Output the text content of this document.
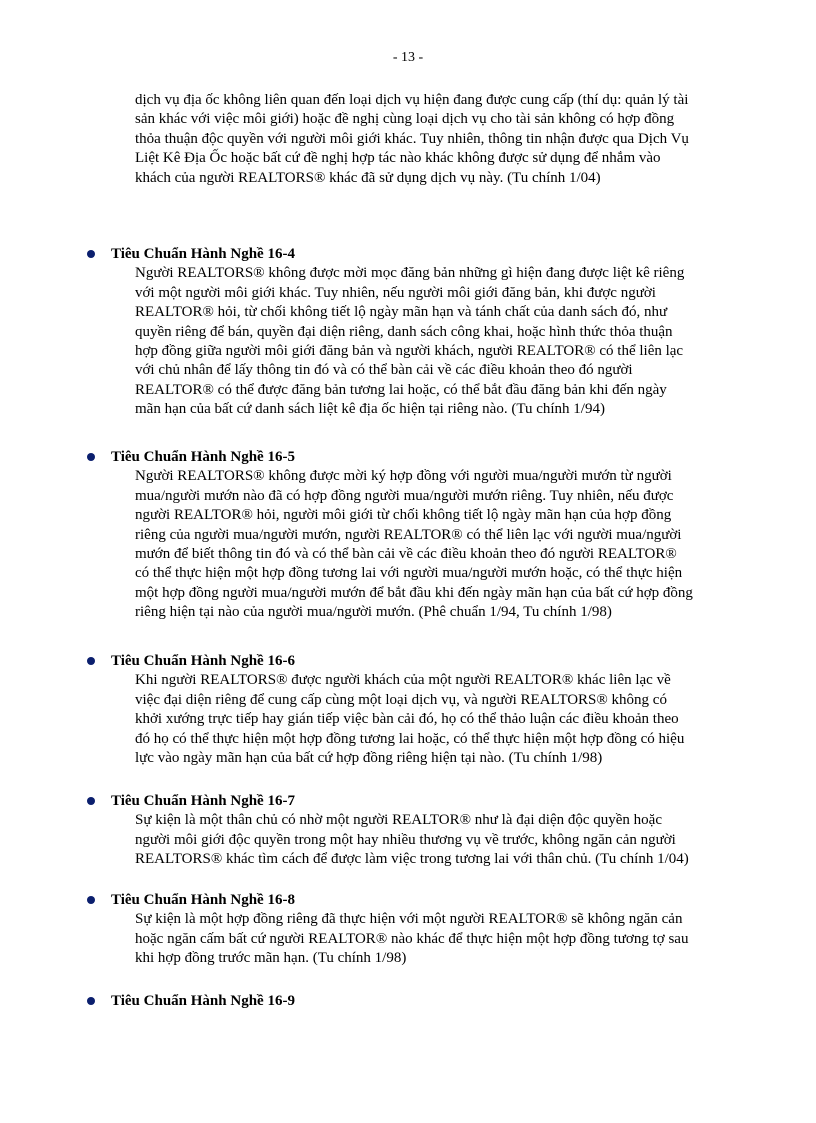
- 13 -

dịch vụ địa ốc không liên quan đến loại dịch vụ hiện đang được cung cấp (thí dụ: quản lý tài
sản khác với việc môi giới) hoặc đề nghị cùng loại dịch vụ cho tài sản không có hợp đồng
thỏa thuận độc quyền với người môi giới khác. Tuy nhiên, thông tin nhận được qua Dịch Vụ
Liệt Kê Địa Ốc hoặc bất cứ đề nghị hợp tác nào khác không được sử dụng để nhắm vào
khách của người REALTORS® khác đã sử dụng dịch vụ này. (Tu chính 1/04)

Tiêu Chuẩn Hành Nghề 16-4

Người REALTORS® không được mời mọc đăng bản những gì hiện đang được liệt kê riêng
với một người môi giới khác. Tuy nhiên, nếu người môi giới đăng bản, khi được người
REALTOR® hỏi, từ chối không tiết lộ ngày mãn hạn và tánh chất của danh sách đó, như
quyền riêng để bán, quyền đại diện riêng, danh sách công khai, hoặc hình thức thỏa thuận
hợp đồng giữa người môi giới đăng bản và người khách, người REALTOR® có thể liên lạc
với chủ nhân để lấy thông tin đó và có thể bàn cải về các điều khoản theo đó người
REALTOR® có thể được đăng bản tương lai hoặc, có thể bắt đầu đăng bản khi đến ngày
mãn hạn của bất cứ danh sách liệt kê địa ốc hiện tại riêng nào. (Tu chính 1/94)

Tiêu Chuẩn Hành Nghề 16-5

Người REALTORS® không được mời ký hợp đồng với người mua/người mướn từ người
mua/người mướn nào đã có hợp đồng người mua/người mướn riêng. Tuy nhiên, nếu được
người REALTOR® hỏi, người môi giới từ chối không tiết lộ ngày mãn hạn của hợp đồng
riêng của người mua/người mướn, người REALTOR® có thể liên lạc với người mua/người
mướn để biết thông tin đó và có thể bàn cải về các điều khoản theo đó người REALTOR®
có thể thực hiện một hợp đồng tương lai với người mua/người mướn hoặc, có thể thực hiện
một hợp đồng người mua/người mướn để bắt đầu khi đến ngày mãn hạn của bất cứ hợp đồng
riêng hiện tại nào của người mua/người mướn. (Phê chuẩn 1/94, Tu chính 1/98)

Tiêu Chuẩn Hành Nghề 16-6

Khi người REALTORS® được người khách của một người REALTOR® khác liên lạc về
việc đại diện riêng để cung cấp cùng một loại dịch vụ, và người REALTORS® không có
khởi xướng trực tiếp hay gián tiếp việc bàn cải đó, họ có thể thảo luận các điều khoản theo
đó họ có thể thực hiện một hợp đồng tương lai hoặc, có thể thực hiện một hợp đồng có hiệu
lực vào ngày mãn hạn của bất cứ hợp đồng riêng hiện tại nào. (Tu chính 1/98)

Tiêu Chuẩn Hành Nghề 16-7

Sự kiện là một thân chủ có nhờ một người REALTOR® như là đại diện độc quyền hoặc
người môi giới độc quyền trong một hay nhiều thương vụ về trước, không ngăn cản người
REALTORS® khác tìm cách để được làm việc trong tương lai với thân chủ. (Tu chính 1/04)

Tiêu Chuẩn Hành Nghề 16-8

Sự kiện là một hợp đồng riêng đã thực hiện với một người REALTOR® sẽ không ngăn cản
hoặc ngăn cấm bất cứ người REALTOR® nào khác để thực hiện một hợp đồng tương tợ sau
khi hợp đồng trước mãn hạn. (Tu chính 1/98)

Tiêu Chuẩn Hành Nghề 16-9
